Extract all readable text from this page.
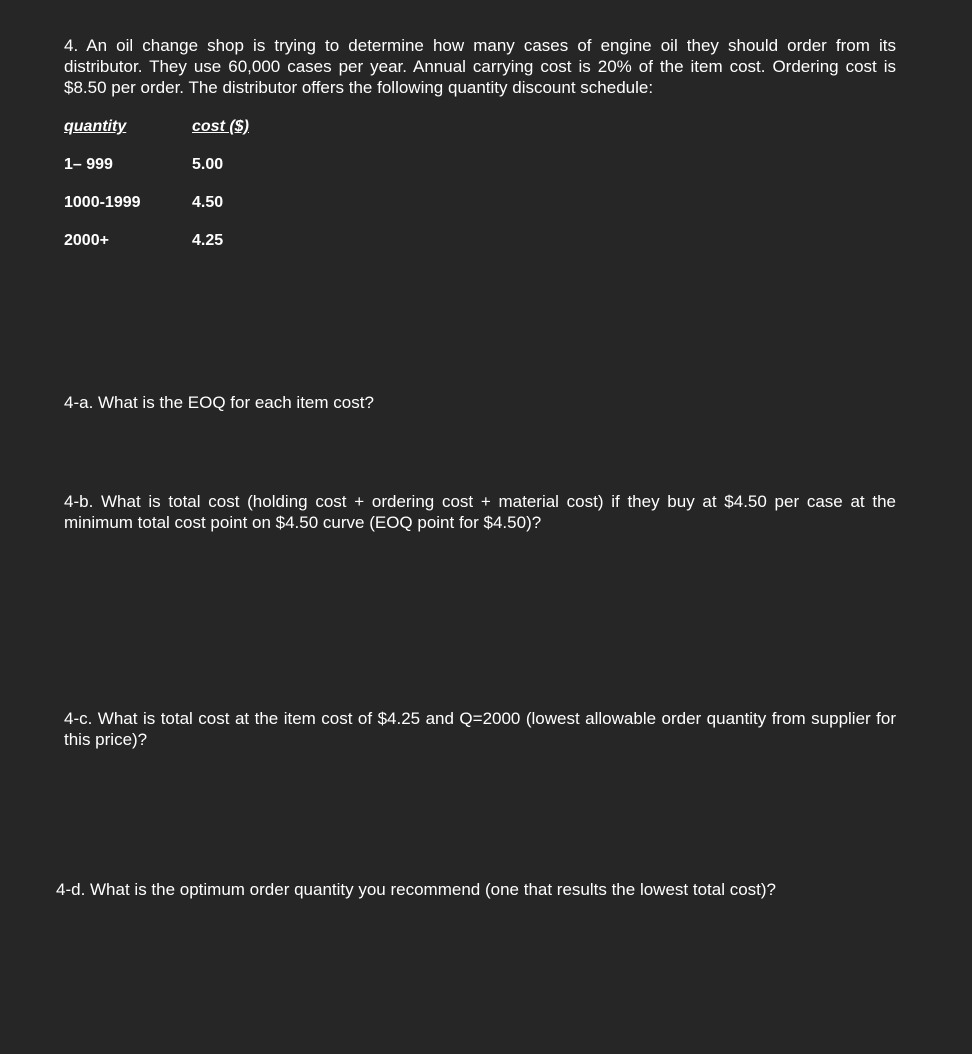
4. An oil change shop is trying to determine how many cases of engine oil they should order from its distributor. They use 60,000 cases per year. Annual carrying cost is 20% of the item cost. Ordering cost is $8.50 per order. The distributor offers the following quantity discount schedule:

quantity	cost ($)
1– 999	5.00
1000-1999	4.50
2000+	4.25

4-a. What is the EOQ for each item cost?

4-b. What is total cost (holding cost + ordering cost + material cost) if they buy at $4.50 per case at the minimum total cost point on $4.50 curve (EOQ point for $4.50)?

4-c. What is total cost at the item cost of $4.25 and Q=2000 (lowest allowable order quantity from supplier for this price)?

4-d. What is the optimum order quantity you recommend (one that results the lowest total cost)?
